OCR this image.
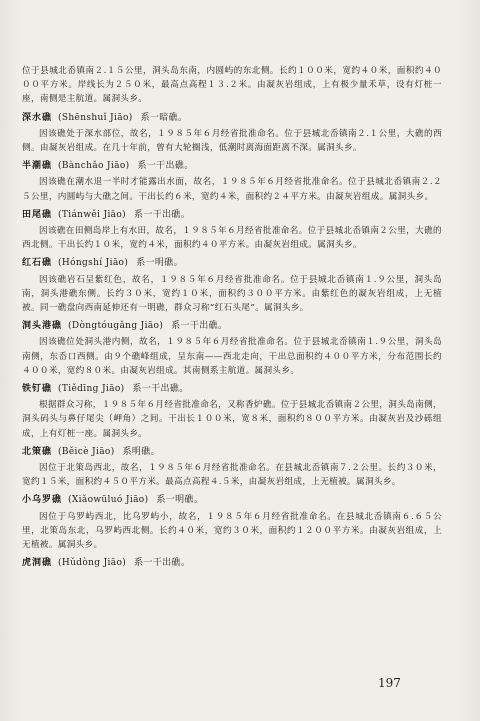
位于县城北岙镇南２.１５公里，洞头岛东南，内圆屿的东北侧。长约１００米，宽约４０米，面积约４０００平方米。岸线长为２５０米，最高点高程１３.２米。由凝灰岩组成，上有极少量禾草，设有灯桩一座，南侧是主航道。属洞头乡。

深水礁 (Shēnshuǐ Jiāo) 系一暗礁。

因该礁处于深水部位，故名，１９８５年６月经省批准命名。位于县城北岙镇南２.１公里，大礁的西侧。由凝灰岩组成。在几十年前，曾有大轮搁浅，低潮时离海面距离不深。属洞头乡。

半潮礁 (Bànchǎo Jiāo) 系一干出礁。

因该礁在潮水退一半时才能露出水面，故名，１９８５年６月经省批准命名。位于县城北岙镇南２.２５公里，内圆屿与大礁之间。干出长约６米，宽约４米，面积约２４平方米。由凝灰岩组成。属洞头乡。

田尾礁 (Tiánwěi Jiāo) 系一干出礁。

因该礁在田侧岛岸上有水田，故名，１９８５年６月经省批准命名。位于县城北岙镇南２公里，大礁的西北侧。干出长约１０米，宽约４米，面积约４０平方米。由凝灰岩组成。属洞头乡。

红石礁 (Hóngshí Jiāo) 系一明礁。

因该礁岩石呈紫红色，故名，１９８５年６月经省批准命名。位于县城北岙镇南１.９公里，洞头岛南，洞头港礁东侧。长约３０米，宽约１０米，面积约３００平方米。由紫红色的凝灰岩组成，上无植被。同一礁盘向西南延伸还有一明礁，群众习称“红石头尾”。属洞头乡。

洞头港礁 (Dòngtóugǎng Jiāo) 系一干出礁。

因该礁位处洞头港内侧，故名，１９８５年６月经省批准命名。位于县城北岙镇南１.９公里，洞头岛南侧，东岙口西侧。由９个礁峰组成，呈东南——西北走向，干出总面积约４００平方米，分布范围长约４００米，宽约８０米。由凝灰岩组成。其南侧系主航道。属洞头乡。

铁钉礁 (Tiědīng Jiāo) 系一干出礁。

根据群众习称，１９８５年６月经省批准命名，又称香炉礁。位于县城北岙镇南２公里，洞头岛南侧，洞头码头与鼻仔尾尖（岬角）之间。干出长１００米，宽８米，面积约８００平方米。由凝灰岩及沙砾组成，上有灯桩一座。属洞头乡。

北策礁 (Běicè Jiāo) 系明礁。

因位于北策岛西北，故名，１９８５年６月经省批准命名。在县城北岙镇南７.２公里。长约３０米，宽约１５米，面积约４５０平方米。最高点高程４.５米，由凝灰岩组成，上无植被。属洞头乡。

小乌罗礁 (Xiǎowūluó Jiāo) 系一明礁。

因位于乌罗屿西北，比乌罗屿小，故名，１９８５年６月经省批准命名。在县城北岙镇南６.６５公里，北策岛东北，乌罗屿西北侧。长约４０米，宽约３０米，面积约１２００平方米。由凝灰岩组成，上无植被。属洞头乡。

虎洞礁 (Hǔdòng Jiāo) 系一干出礁。
197
